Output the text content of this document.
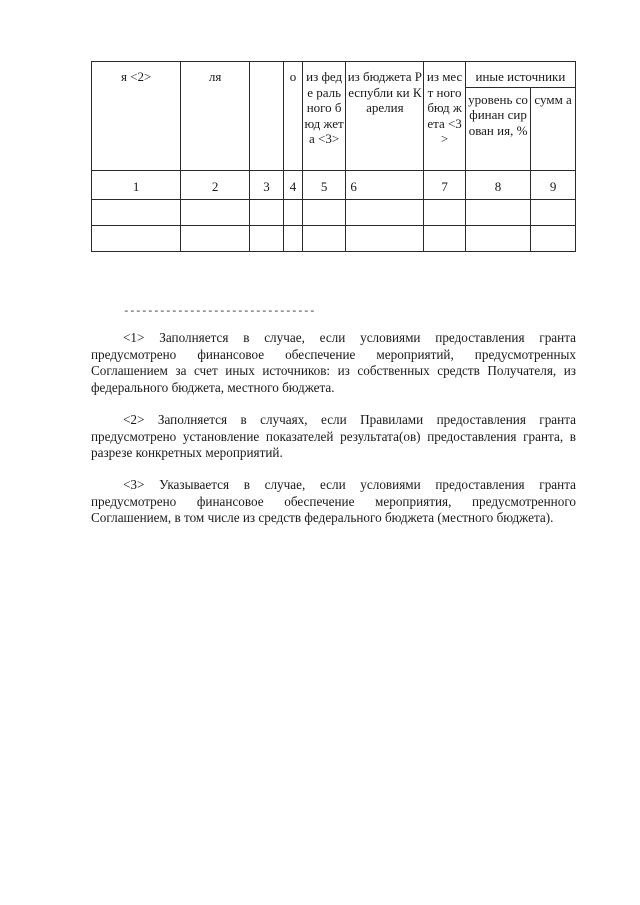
я <2>	ля		о	из феде раль ного бюд жета <3>	из бюджета Республи ки Карелия	из мест ного бюд жета <3>	иные источники	
							уровень софинан сирован ия, %	сумм а
1	2	3	4	5	6	7	8	9

--------------------------------

<1> Заполняется в случае, если условиями предоставления гранта предусмотрено финансовое обеспечение мероприятий, предусмотренных Соглашением за счет иных источников: из собственных средств Получателя, из федерального бюджета, местного бюджета.

<2> Заполняется в случаях, если Правилами предоставления гранта предусмотрено установление показателей результата(ов) предоставления гранта, в разрезе конкретных мероприятий.

<3> Указывается в случае, если условиями предоставления гранта предусмотрено финансовое обеспечение мероприятия, предусмотренного Соглашением, в том числе из средств федерального бюджета (местного бюджета).
